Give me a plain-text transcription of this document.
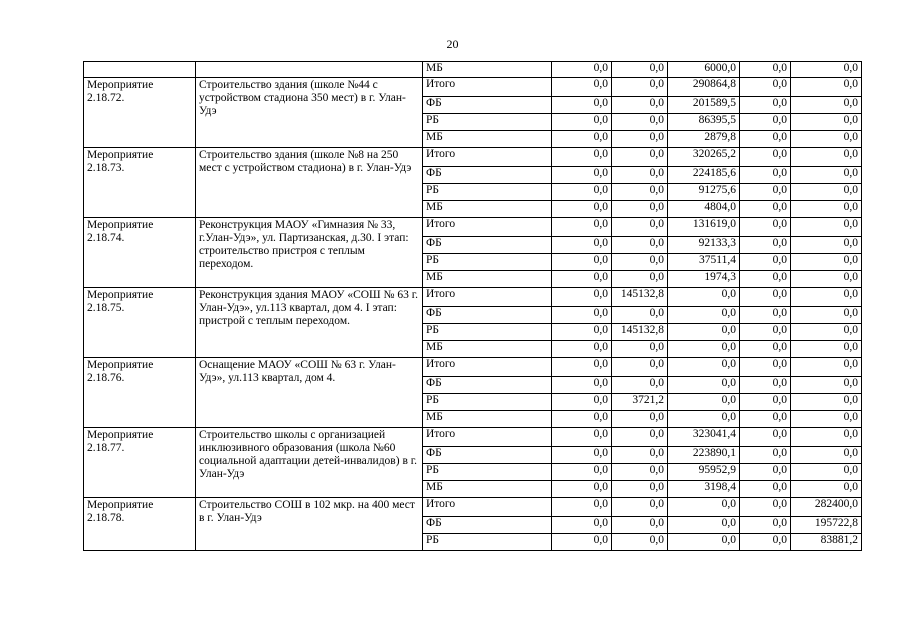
20
		МБ	0,0	0,0	6000,0	0,0	0,0
Мероприятие 2.18.72.	Строительство здания (школе №44 с устройством стадиона 350 мест) в г. Улан-Удэ	Итого	0,0	0,0	290864,8	0,0	0,0
		ФБ	0,0	0,0	201589,5	0,0	0,0
		РБ	0,0	0,0	86395,5	0,0	0,0
		МБ	0,0	0,0	2879,8	0,0	0,0
Мероприятие 2.18.73.	Строительство здания (школе №8 на 250 мест с устройством стадиона) в г. Улан-Удэ	Итого	0,0	0,0	320265,2	0,0	0,0
		ФБ	0,0	0,0	224185,6	0,0	0,0
		РБ	0,0	0,0	91275,6	0,0	0,0
		МБ	0,0	0,0	4804,0	0,0	0,0
Мероприятие 2.18.74.	Реконструкция МАОУ «Гимназия № 33, г.Улан-Удэ», ул. Партизанская, д.30. I этап: строительство пристроя с теплым переходом.	Итого	0,0	0,0	131619,0	0,0	0,0
		ФБ	0,0	0,0	92133,3	0,0	0,0
		РБ	0,0	0,0	37511,4	0,0	0,0
		МБ	0,0	0,0	1974,3	0,0	0,0
Мероприятие 2.18.75.	Реконструкция здания МАОУ «СОШ № 63 г. Улан-Удэ», ул.113 квартал, дом 4. I этап: пристрой с теплым переходом.	Итого	0,0	145132,8	0,0	0,0	0,0
		ФБ	0,0	0,0	0,0	0,0	0,0
		РБ	0,0	145132,8	0,0	0,0	0,0
		МБ	0,0	0,0	0,0	0,0	0,0
Мероприятие 2.18.76.	Оснащение МАОУ «СОШ № 63 г. Улан-Удэ», ул.113 квартал, дом 4.	Итого	0,0	0,0	0,0	0,0	0,0
		ФБ	0,0	0,0	0,0	0,0	0,0
		РБ	0,0	3721,2	0,0	0,0	0,0
		МБ	0,0	0,0	0,0	0,0	0,0
Мероприятие 2.18.77.	Строительство школы с организацией инклюзивного образования (школа №60 социальной адаптации детей-инвалидов) в г. Улан-Удэ	Итого	0,0	0,0	323041,4	0,0	0,0
		ФБ	0,0	0,0	223890,1	0,0	0,0
		РБ	0,0	0,0	95952,9	0,0	0,0
		МБ	0,0	0,0	3198,4	0,0	0,0
Мероприятие 2.18.78.	Строительство СОШ в 102 мкр. на 400 мест в г. Улан-Удэ	Итого	0,0	0,0	0,0	0,0	282400,0
		ФБ	0,0	0,0	0,0	0,0	195722,8
		РБ	0,0	0,0	0,0	0,0	83881,2
